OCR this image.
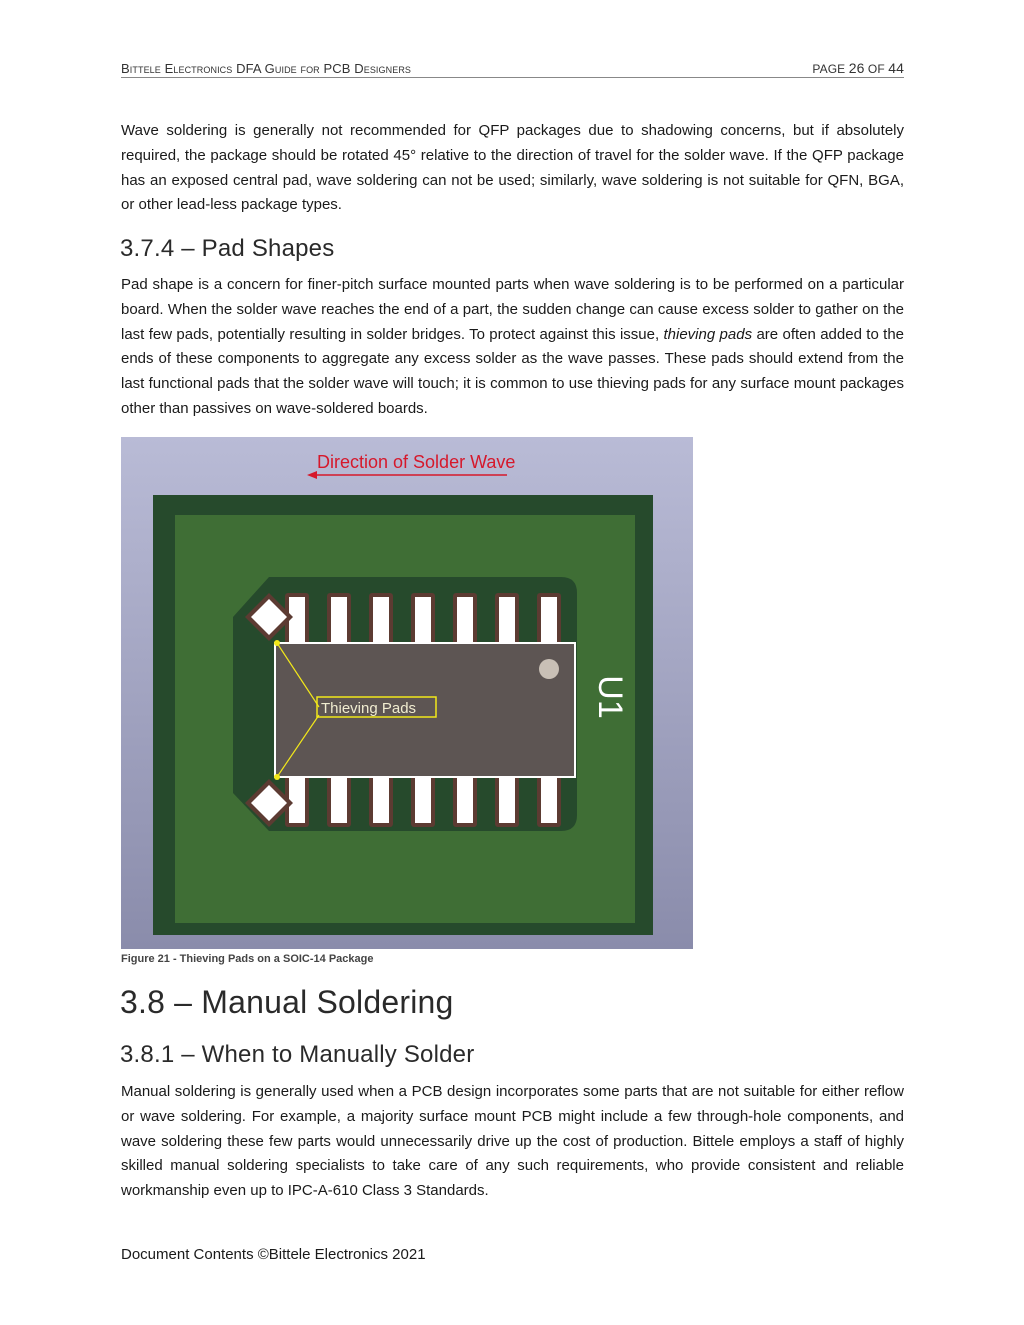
Bittele Electronics DFA Guide for PCB Designers	PAGE 26 OF 44

Wave soldering is generally not recommended for QFP packages due to shadowing concerns, but if absolutely required, the package should be rotated 45° relative to the direction of travel for the solder wave. If the QFP package has an exposed central pad, wave soldering can not be used; similarly, wave soldering is not suitable for QFN, BGA, or other lead-less package types.

3.7.4 – Pad Shapes

Pad shape is a concern for finer-pitch surface mounted parts when wave soldering is to be performed on a particular board. When the solder wave reaches the end of a part, the sudden change can cause excess solder to gather on the last few pads, potentially resulting in solder bridges. To protect against this issue, thieving pads are often added to the ends of these components to aggregate any excess solder as the wave passes. These pads should extend from the last functional pads that the solder wave will touch; it is common to use thieving pads for any surface mount packages other than passives on wave-soldered boards.

Direction of Solder Wave
U1
Thieving Pads
Figure 21 - Thieving Pads on a SOIC-14 Package
3.8 – Manual Soldering
3.8.1 – When to Manually Solder

Manual soldering is generally used when a PCB design incorporates some parts that are not suitable for either reflow or wave soldering. For example, a majority surface mount PCB might include a few through-hole components, and wave soldering these few parts would unnecessarily drive up the cost of production. Bittele employs a staff of highly skilled manual soldering specialists to take care of any such requirements, who provide consistent and reliable workmanship even up to IPC-A-610 Class 3 Standards.

Document Contents ©Bittele Electronics 2021
